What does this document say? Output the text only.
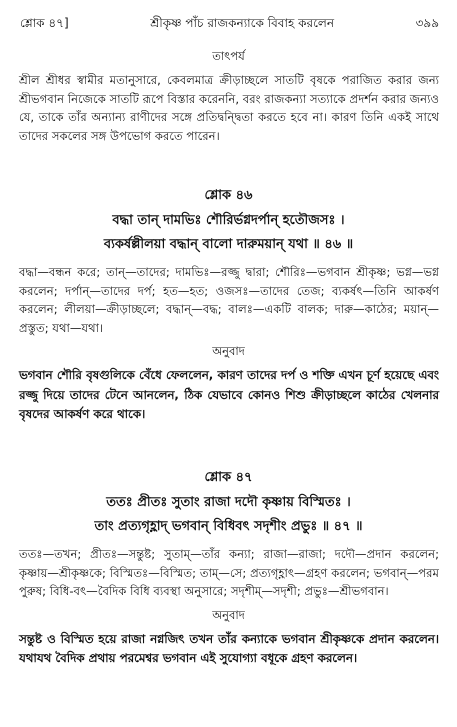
শ্লোক ৪৭]	শ্রীকৃষ্ণ পাঁচ রাজকন্যাকে বিবাহ করলেন	৩৯৯
তাৎপর্য

শ্রীল শ্রীধর স্বামীর মতানুসারে, কেবলমাত্র ক্রীড়াচ্ছলে সাতটি বৃষকে পরাজিত করার জন্য শ্রীভগবান নিজেকে সাতটি রূপে বিস্তার করেননি, বরং রাজকন্যা সত্যাকে প্রদর্শন করার জন্যও যে, তাকে তাঁর অন্যান্য রাণীদের সঙ্গে প্রতিদ্বন্দ্বিতা করতে হবে না। কারণ তিনি একই সাথে তাদের সকলের সঙ্গ উপভোগ করতে পারেন।

শ্লোক ৪৬
বদ্ধা তান্ দামভিঃ শৌরির্ভগ্নদর্পান্ হতৌজসঃ ।
ব্যকর্ষল্লীলয়া বদ্ধান্ বালো দারুময়ান্ যথা ॥ ৪৬ ॥

বদ্ধা—বন্ধন করে; তান্—তাদের; দামভিঃ—রজ্জু দ্বারা; শৌরিঃ—ভগবান শ্রীকৃষ্ণ; ভগ্ন—ভগ্ন করলেন; দর্পান্—তাদের দর্প; হত—হত; ওজসঃ—তাদের তেজ; ব্যকর্ষৎ—তিনি আকর্ষণ করলেন; লীলয়া—ক্রীড়াচ্ছলে; বদ্ধান্—বদ্ধ; বালঃ—একটি বালক; দারু—কাঠের; ময়ান্—প্রস্তুত; যথা—যথা।

অনুবাদ

ভগবান শৌরি বৃষগুলিকে বেঁধে ফেললেন, কারণ তাদের দর্প ও শক্তি এখন চূর্ণ হয়েছে এবং রজ্জু দিয়ে তাদের টেনে আনলেন, ঠিক যেভাবে কোনও শিশু ক্রীড়াচ্ছলে কাঠের খেলনার বৃষদের আকর্ষণ করে থাকে।

শ্লোক ৪৭
ততঃ প্রীতঃ সুতাং রাজা দদৌ কৃষ্ণায় বিস্মিতঃ ।
তাং প্রত্যগৃহ্ণাদ্ ভগবান্ বিধিবৎ সদৃশীং প্রভুঃ ॥ ৪৭ ॥

ততঃ—তখন; প্রীতঃ—সন্তুষ্ট; সুতাম্—তাঁর কন্যা; রাজা—রাজা; দদৌ—প্রদান করলেন; কৃষ্ণায়—শ্রীকৃষ্ণকে; বিস্মিতঃ—বিস্মিত; তাম্—সে; প্রত্যগৃহ্ণাৎ—গ্রহণ করলেন; ভগবান্—পরম পুরুষ; বিধি-বৎ—বৈদিক বিধি ব্যবস্থা অনুসারে; সদৃশীম্—সদৃশী; প্রভুঃ—শ্রীভগবান।

অনুবাদ

সন্তুষ্ট ও বিস্মিত হয়ে রাজা নগ্নজিৎ তখন তাঁর কন্যাকে ভগবান শ্রীকৃষ্ণকে প্রদান করলেন। যথাযথ বৈদিক প্রথায় পরমেশ্বর ভগবান এই সুযোগ্যা বধূকে গ্রহণ করলেন।
